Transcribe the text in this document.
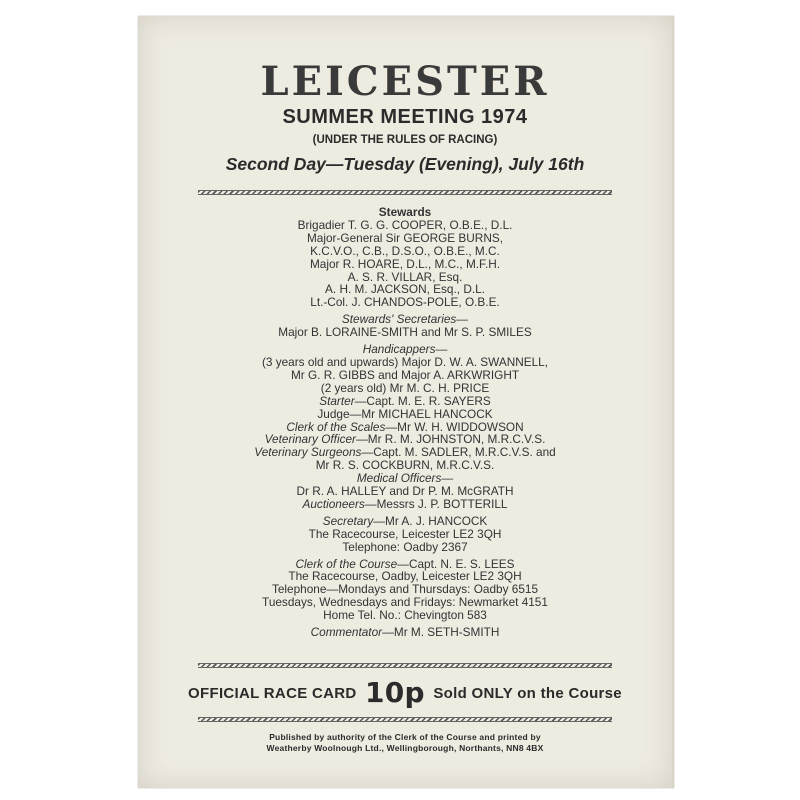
LEICESTER
SUMMER MEETING 1974
(UNDER THE RULES OF RACING)
Second Day—Tuesday (Evening), July 16th
Stewards
Brigadier T. G. G. COOPER, O.B.E., D.L.
Major-General Sir GEORGE BURNS,
K.C.V.O., C.B., D.S.O., O.B.E., M.C.
Major R. HOARE, D.L., M.C., M.F.H.
A. S. R. VILLAR, Esq.
A. H. M. JACKSON, Esq., D.L.
Lt.-Col. J. CHANDOS-POLE, O.B.E.
Stewards' Secretaries—
Major B. LORAINE-SMITH and Mr S. P. SMILES
Handicappers—
(3 years old and upwards) Major D. W. A. SWANNELL,
Mr G. R. GIBBS and Major A. ARKWRIGHT
(2 years old) Mr M. C. H. PRICE
Starter—Capt. M. E. R. SAYERS
Judge—Mr MICHAEL HANCOCK
Clerk of the Scales—Mr W. H. WIDDOWSON
Veterinary Officer—Mr R. M. JOHNSTON, M.R.C.V.S.
Veterinary Surgeons—Capt. M. SADLER, M.R.C.V.S. and
Mr R. S. COCKBURN, M.R.C.V.S.
Medical Officers—
Dr R. A. HALLEY and Dr P. M. McGRATH
Auctioneers—Messrs J. P. BOTTERILL
Secretary—Mr A. J. HANCOCK
The Racecourse, Leicester LE2 3QH
Telephone: Oadby 2367
Clerk of the Course—Capt. N. E. S. LEES
The Racecourse, Oadby, Leicester LE2 3QH
Telephone—Mondays and Thursdays: Oadby 6515
Tuesdays, Wednesdays and Fridays: Newmarket 4151
Home Tel. No.: Chevington 583
Commentator—Mr M. SETH-SMITH
OFFICIAL RACE CARD 10p Sold ONLY on the Course
Published by authority of the Clerk of the Course and printed by
Weatherby Woolnough Ltd., Wellingborough, Northants, NN8 4BX
